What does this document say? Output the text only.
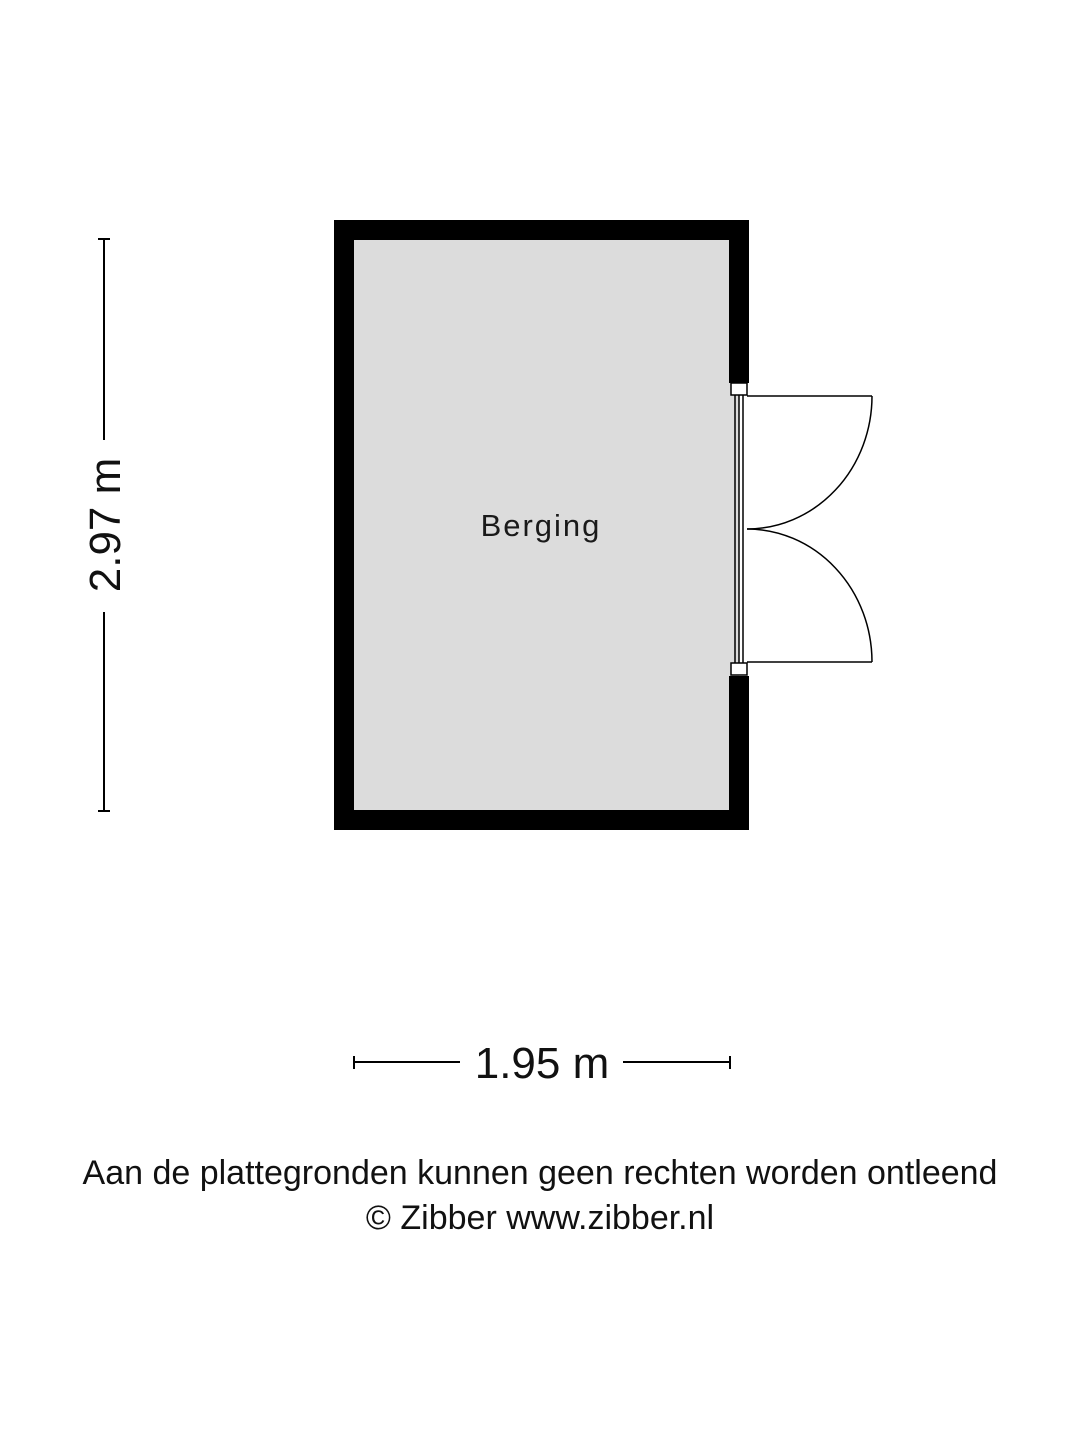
Berging
2.97 m
1.95 m
Aan de plattegronden kunnen geen rechten worden ontleend
© Zibber www.zibber.nl
